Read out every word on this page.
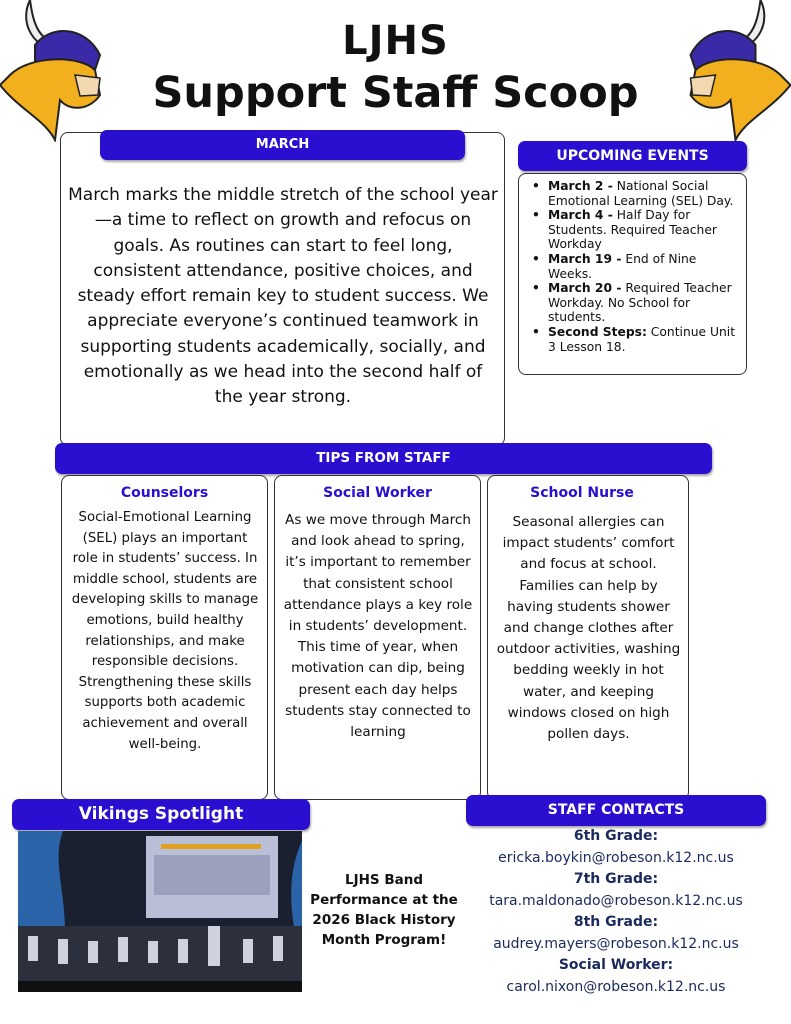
LJHS
Support Staff Scoop
MARCH
March marks the middle stretch of the school year—a time to reflect on growth and refocus on goals. As routines can start to feel long, consistent attendance, positive choices, and steady effort remain key to student success. We appreciate everyone’s continued teamwork in supporting students academically, socially, and emotionally as we head into the second half of the year strong.
UPCOMING EVENTS
• March 2 - National Social Emotional Learning (SEL) Day.
• March 4 - Half Day for Students. Required Teacher Workday
• March 19 - End of Nine Weeks.
• March 20 - Required Teacher Workday. No School for students.
• Second Steps: Continue Unit 3 Lesson 18.
TIPS FROM STAFF
Counselors
Social-Emotional Learning (SEL) plays an important role in students’ success. In middle school, students are developing skills to manage emotions, build healthy relationships, and make responsible decisions. Strengthening these skills supports both academic achievement and overall well-being.
Social Worker
As we move through March and look ahead to spring, it’s important to remember that consistent school attendance plays a key role in students’ development. This time of year, when motivation can dip, being present each day helps students stay connected to learning
School Nurse
Seasonal allergies can impact students’ comfort and focus at school. Families can help by having students shower and change clothes after outdoor activities, washing bedding weekly in hot water, and keeping windows closed on high pollen days.
Vikings Spotlight
LJHS Band Performance at the 2026 Black History Month Program!
STAFF CONTACTS
6th Grade:
ericka.boykin@robeson.k12.nc.us
7th Grade:
tara.maldonado@robeson.k12.nc.us
8th Grade:
audrey.mayers@robeson.k12.nc.us
Social Worker:
carol.nixon@robeson.k12.nc.us
